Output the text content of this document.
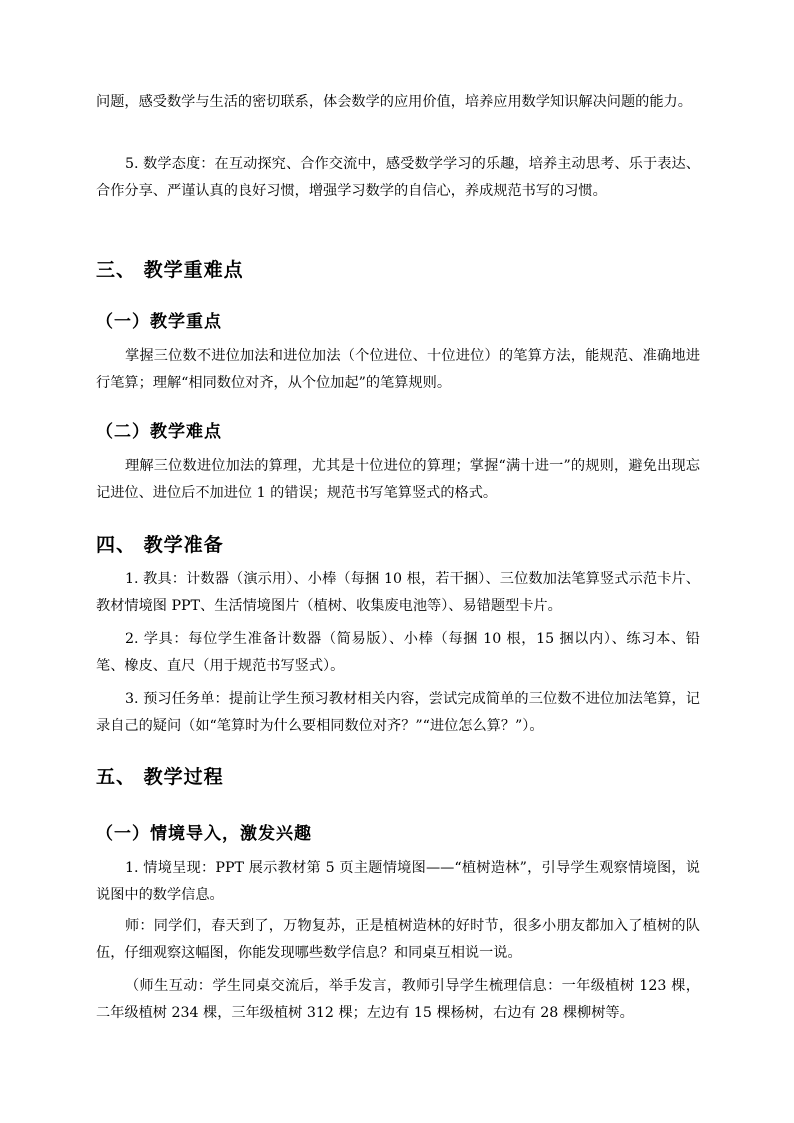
问题，感受数学与生活的密切联系，体会数学的应用价值，培养应用数学知识解决问题的能力。

5. 数学态度：在互动探究、合作交流中，感受数学学习的乐趣，培养主动思考、乐于表达、合作分享、严谨认真的良好习惯，增强学习数学的自信心，养成规范书写的习惯。

三、 教学重难点
（一）教学重点

掌握三位数不进位加法和进位加法（个位进位、十位进位）的笔算方法，能规范、准确地进行笔算；理解“相同数位对齐，从个位加起”的笔算规则。

（二）教学难点

理解三位数进位加法的算理，尤其是十位进位的算理；掌握“满十进一”的规则，避免出现忘记进位、进位后不加进位 1 的错误；规范书写笔算竖式的格式。

四、 教学准备

1. 教具：计数器（演示用）、小棒（每捆 10 根，若干捆）、三位数加法笔算竖式示范卡片、教材情境图 PPT、生活情境图片（植树、收集废电池等）、易错题型卡片。

2. 学具：每位学生准备计数器（简易版）、小棒（每捆 10 根，15 捆以内）、练习本、铅笔、橡皮、直尺（用于规范书写竖式）。

3. 预习任务单：提前让学生预习教材相关内容，尝试完成简单的三位数不进位加法笔算，记录自己的疑问（如“笔算时为什么要相同数位对齐？”“进位怎么算？”）。

五、 教学过程
（一）情境导入，激发兴趣

1. 情境呈现：PPT 展示教材第 5 页主题情境图——“植树造林”，引导学生观察情境图，说说图中的数学信息。

师：同学们，春天到了，万物复苏，正是植树造林的好时节，很多小朋友都加入了植树的队伍，仔细观察这幅图，你能发现哪些数学信息？和同桌互相说一说。

（师生互动：学生同桌交流后，举手发言，教师引导学生梳理信息：一年级植树 123 棵，二年级植树 234 棵，三年级植树 312 棵；左边有 15 棵杨树，右边有 28 棵柳树等。
